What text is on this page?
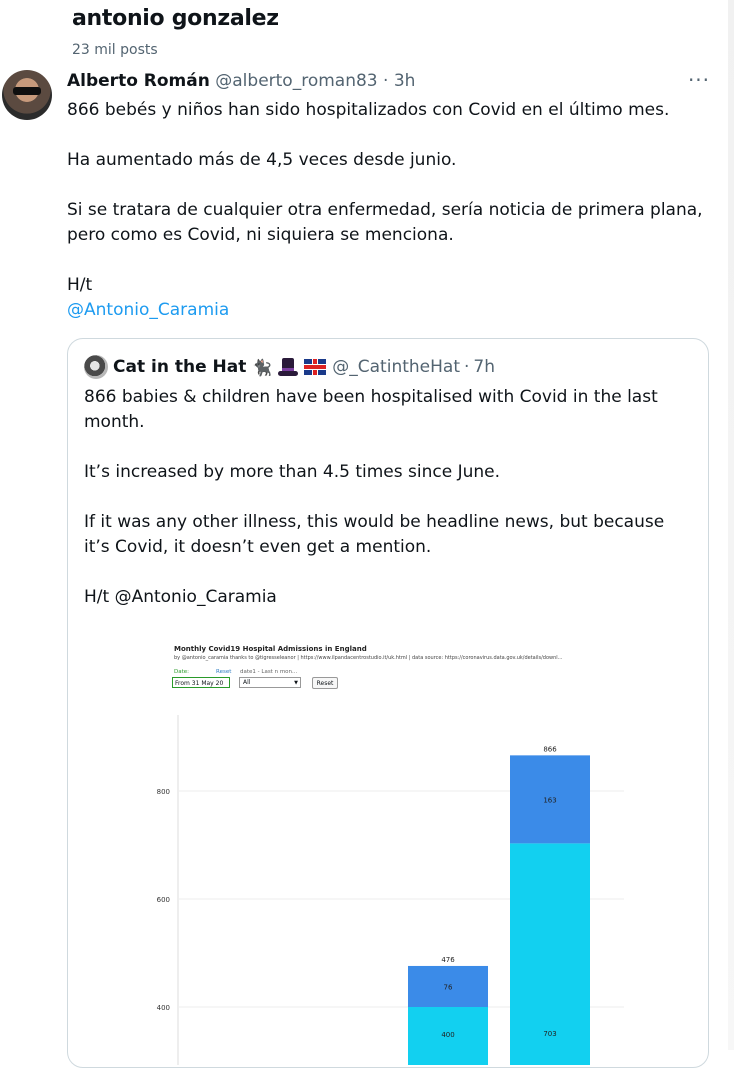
antonio gonzalez
23 mil posts
Alberto Román @alberto_roman83 · 3h	···

866 bebés y niños han sido hospitalizados con Covid en el último mes.

Ha aumentado más de 4,5 veces desde junio.

Si se tratara de cualquier otra enfermedad, sería noticia de primera plana, pero como es Covid, ni siquiera se menciona.

H/t

@Antonio_Caramia

Cat in the Hat 🐈‍⬛	@_CatintheHat · 7h

866 babies & children have been hospitalised with Covid in the last month.

It’s increased by more than 4.5 times since June.

If it was any other illness, this would be headline news, but because it’s Covid, it doesn’t even get a mention.

H/t @Antonio_Caramia

Monthly Covid19 Hospital Admissions in England
by @antonio_caramia thanks to @tigresseleanor | https://www.ilpandacentrostudio.it/uk.html | data source: https://coronavirus.data.gov.uk/details/downl...
Date:	Reset date1 - Last n mon...
From 31 May 20	All	▼	Reset
400
600
800
400
76
476
703
163
866
